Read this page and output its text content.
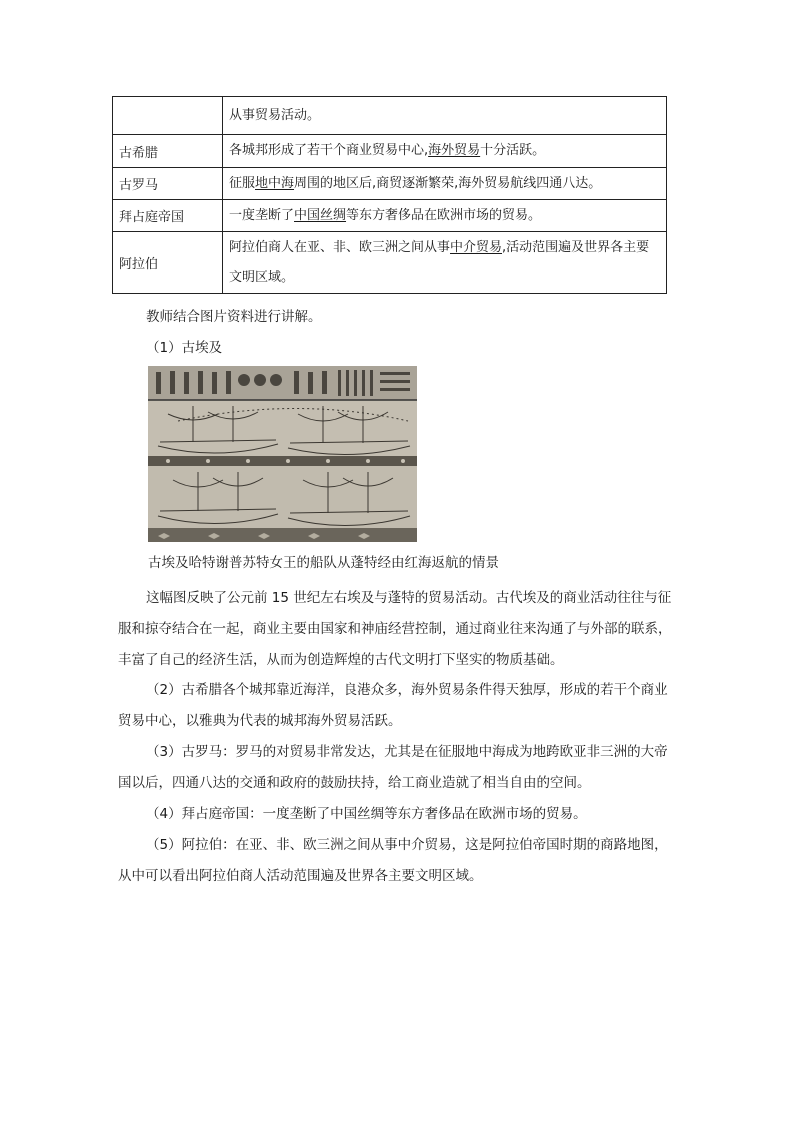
	从事贸易活动。

古希腊	各城邦形成了若干个商业贸易中心,海外贸易十分活跃。

古罗马	征服地中海周围的地区后,商贸逐渐繁荣,海外贸易航线四通八达。

拜占庭帝国	一度垄断了中国丝绸等东方奢侈品在欧洲市场的贸易。

阿拉伯	阿拉伯商人在亚、非、欧三洲之间从事中介贸易,活动范围遍及世界各主要文明区域。

教师结合图片资料进行讲解。

（1）古埃及

古埃及哈特谢普苏特女王的船队从蓬特经由红海返航的情景

这幅图反映了公元前 15 世纪左右埃及与蓬特的贸易活动。古代埃及的商业活动往往与征服和掠夺结合在一起，商业主要由国家和神庙经营控制，通过商业往来沟通了与外部的联系，丰富了自己的经济生活，从而为创造辉煌的古代文明打下坚实的物质基础。

（2）古希腊各个城邦靠近海洋，良港众多，海外贸易条件得天独厚，形成的若干个商业贸易中心，以雅典为代表的城邦海外贸易活跃。

（3）古罗马：罗马的对贸易非常发达，尤其是在征服地中海成为地跨欧亚非三洲的大帝国以后，四通八达的交通和政府的鼓励扶持，给工商业造就了相当自由的空间。

（4）拜占庭帝国：一度垄断了中国丝绸等东方奢侈品在欧洲市场的贸易。

（5）阿拉伯：在亚、非、欧三洲之间从事中介贸易，这是阿拉伯帝国时期的商路地图，从中可以看出阿拉伯商人活动范围遍及世界各主要文明区域。
